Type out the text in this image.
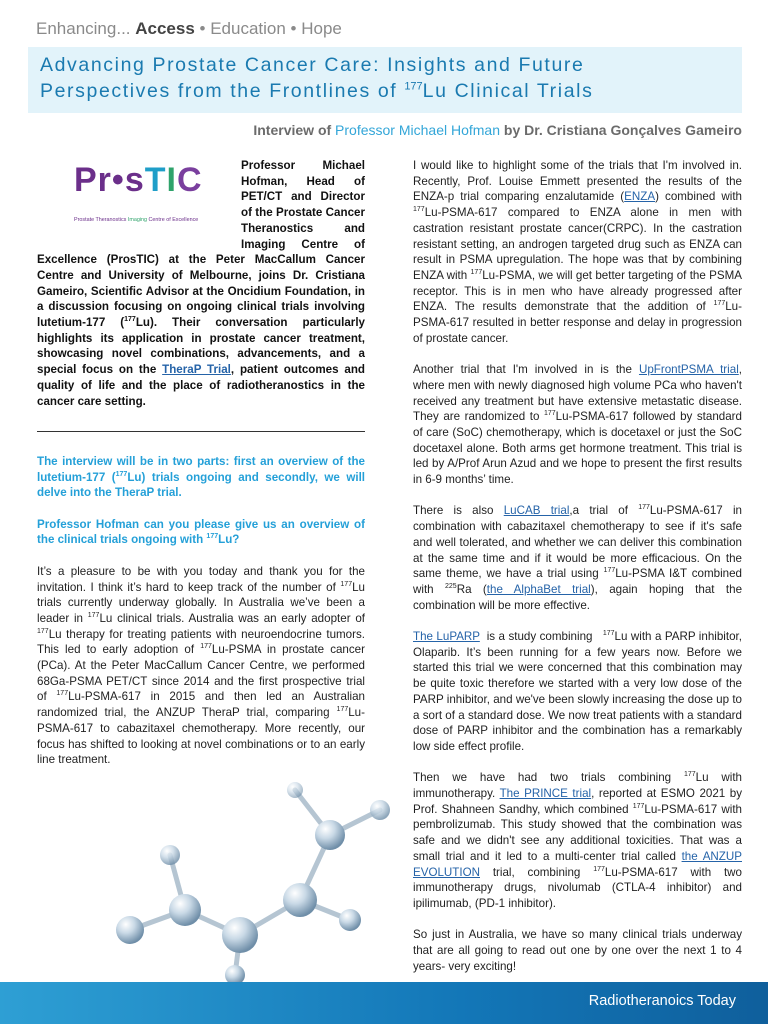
Enhancing... Access • Education • Hope
Advancing Prostate Cancer Care: Insights and Future
Perspectives from the Frontlines of $^{177}$Lu Clinical Trials
Interview of Professor Michael Hofman by Dr. Cristiana Gonçalves Gameiro
Pr•sTIC
Prostate Theranostics Imaging Centre of Excellence

Professor Michael Hofman, Head of PET/CT and Director of the Prostate Cancer Theranostics and Imaging Centre of Excellence (ProsTIC) at the Peter MacCallum Cancer Centre and University of Melbourne, joins Dr. Cristiana Gameiro, Scientific Advisor at the Oncidium Foundation, in a discussion focusing on ongoing clinical trials involving lutetium-177 ($^{177}$Lu). Their conversation particularly highlights its application in prostate cancer treatment, showcasing novel combinations, advancements, and a special focus on the TheraP Trial, patient outcomes and quality of life and the place of radiotheranostics in the cancer care setting.

The interview will be in two parts: first an overview of the lutetium-177 ($^{177}$Lu) trials ongoing and secondly, we will delve into the TheraP trial.

Professor Hofman can you please give us an overview of the clinical trials ongoing with $^{177}$Lu?

It’s a pleasure to be with you today and thank you for the invitation. I think it’s hard to keep track of the number of $^{177}$Lu trials currently underway globally. In Australia we’ve been a leader in $^{177}$Lu clinical trials. Australia was an early adopter of $^{177}$Lu therapy for treating patients with neuroendocrine tumors. This led to early adoption of $^{177}$Lu-PSMA in prostate cancer (PCa). At the Peter MacCallum Cancer Centre, we performed 68Ga-PSMA PET/CT since 2014 and the first prospective trial of $^{177}$Lu-PSMA-617 in 2015 and then led an Australian randomized trial, the ANZUP TheraP trial, comparing $^{177}$Lu-PSMA-617 to cabazitaxel chemotherapy. More recently, our focus has shifted to looking at novel combinations or to an early line treatment.

I would like to highlight some of the trials that I'm involved in. Recently, Prof. Louise Emmett presented the results of the ENZA-p trial comparing enzalutamide (ENZA) combined with $^{177}$Lu-PSMA-617 compared to ENZA alone in men with castration resistant prostate cancer(CRPC). In the castration resistant setting, an androgen targeted drug such as ENZA can result in PSMA upregulation. The hope was that by combining ENZA with $^{177}$Lu-PSMA, we will get better targeting of the PSMA receptor. This is in men who have already progressed after ENZA. The results demonstrate that the addition of $^{177}$Lu-PSMA-617 resulted in better response and delay in progression of prostate cancer.

Another trial that I'm involved in is the UpFrontPSMA trial, where men with newly diagnosed high volume PCa who haven't received any treatment but have extensive metastatic disease. They are randomized to $^{177}$Lu-PSMA-617 followed by standard of care (SoC) chemotherapy, which is docetaxel or just the SoC docetaxel alone. Both arms get hormone treatment. This trial is led by A/Prof Arun Azud and we hope to present the first results in 6-9 months’ time.

There is also LuCAB trial,a trial of $^{177}$Lu-PSMA-617 in combination with cabazitaxel chemotherapy to see if it's safe and well tolerated, and whether we can deliver this combination at the same time and if it would be more efficacious. On the same theme, we have a trial using $^{177}$Lu-PSMA I&T combined with $^{225}$Ra (the AlphaBet trial), again hoping that the combination will be more effective.

The LuPARP  is a study combining   $^{177}$Lu with a PARP inhibitor, Olaparib. It’s been running for a few years now. Before we started this trial we were concerned that this combination may be quite toxic therefore we started with a very low dose of the PARP inhibitor, and we've been slowly increasing the dose up to a sort of a standard dose. We now treat patients with a standard dose of PARP inhibitor and the combination has a remarkably low side effect profile.

Then we have had two trials combining $^{177}$Lu with immunotherapy. The PRINCE trial, reported at ESMO 2021 by Prof. Shahneen Sandhy, which combined $^{177}$Lu-PSMA-617 with pembrolizumab. This study showed that the combination was safe and we didn't see any additional toxicities. That was a small trial and it led to a multi-center trial called the ANZUP EVOLUTION trial, combining $^{177}$Lu-PSMA-617 with two immunotherapy drugs, nivolumab (CTLA-4 inhibitor) and ipilimumab, (PD-1 inhibitor).

So just in Australia, we have so many clinical trials underway that are all going to read out one by one over the next 1 to 4 years- very exciting!

Radiotheranoics Today
